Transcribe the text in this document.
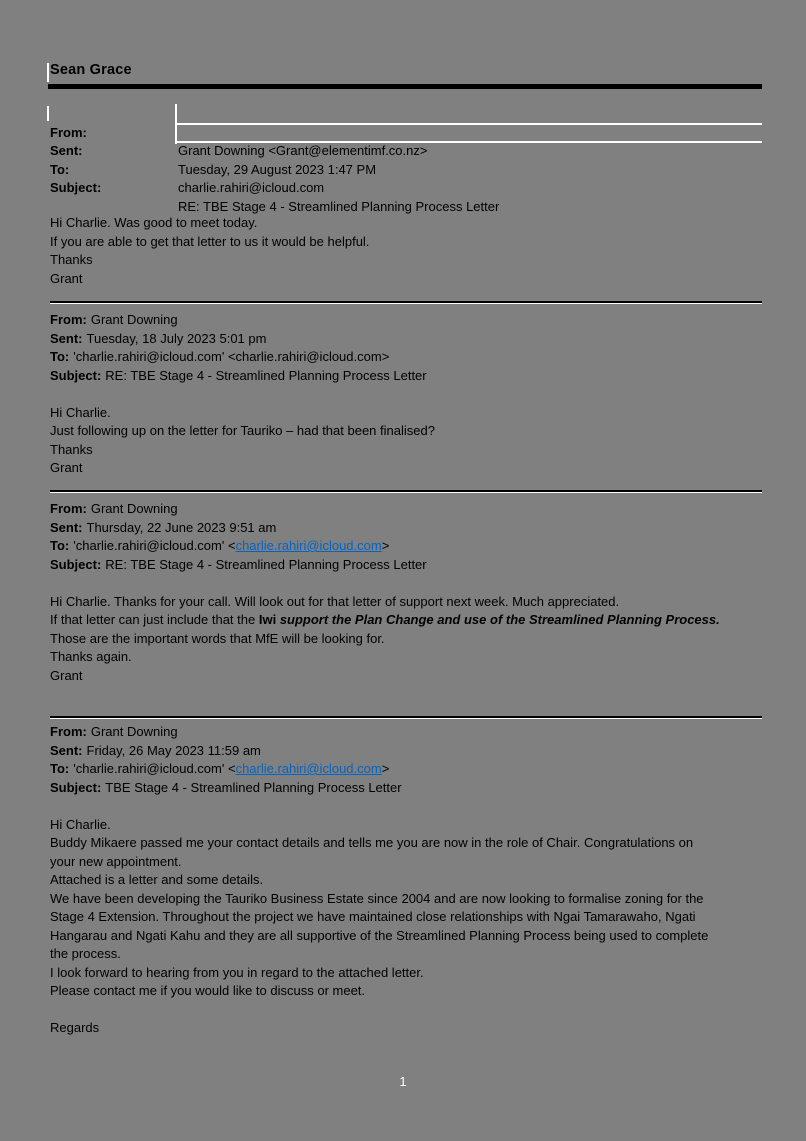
Sean Grace

From:

Grant Downing <Grant@elementimf.co.nz>

Sent:

Tuesday, 29 August 2023 1:47 PM

To:

charlie.rahiri@icloud.com

Subject:

RE: TBE Stage 4 - Streamlined Planning Process Letter

Hi Charlie. Was good to meet today.
If you are able to get that letter to us it would be helpful.
Thanks
Grant
From: Grant Downing
Sent: Tuesday, 18 July 2023 5:01 pm
To: 'charlie.rahiri@icloud.com' <charlie.rahiri@icloud.com>
Subject: RE: TBE Stage 4 - Streamlined Planning Process Letter
Hi Charlie.
Just following up on the letter for Tauriko – had that been finalised?
Thanks
Grant
From: Grant Downing
Sent: Thursday, 22 June 2023 9:51 am
To: 'charlie.rahiri@icloud.com' <charlie.rahiri@icloud.com>
Subject: RE: TBE Stage 4 - Streamlined Planning Process Letter
Hi Charlie. Thanks for your call. Will look out for that letter of support next week. Much appreciated.
If that letter can just include that the Iwi support the Plan Change and use of the Streamlined Planning Process.
Those are the important words that MfE will be looking for.
Thanks again.
Grant
From: Grant Downing
Sent: Friday, 26 May 2023 11:59 am
To: 'charlie.rahiri@icloud.com' <charlie.rahiri@icloud.com>
Subject: TBE Stage 4 - Streamlined Planning Process Letter
Hi Charlie.
Buddy Mikaere passed me your contact details and tells me you are now in the role of Chair. Congratulations on
your new appointment.
Attached is a letter and some details.
We have been developing the Tauriko Business Estate since 2004 and are now looking to formalise zoning for the
Stage 4 Extension. Throughout the project we have maintained close relationships with Ngai Tamarawaho, Ngati
Hangarau and Ngati Kahu and they are all supportive of the Streamlined Planning Process being used to complete
the process.
I look forward to hearing from you in regard to the attached letter.
Please contact me if you would like to discuss or meet.
Regards
1
